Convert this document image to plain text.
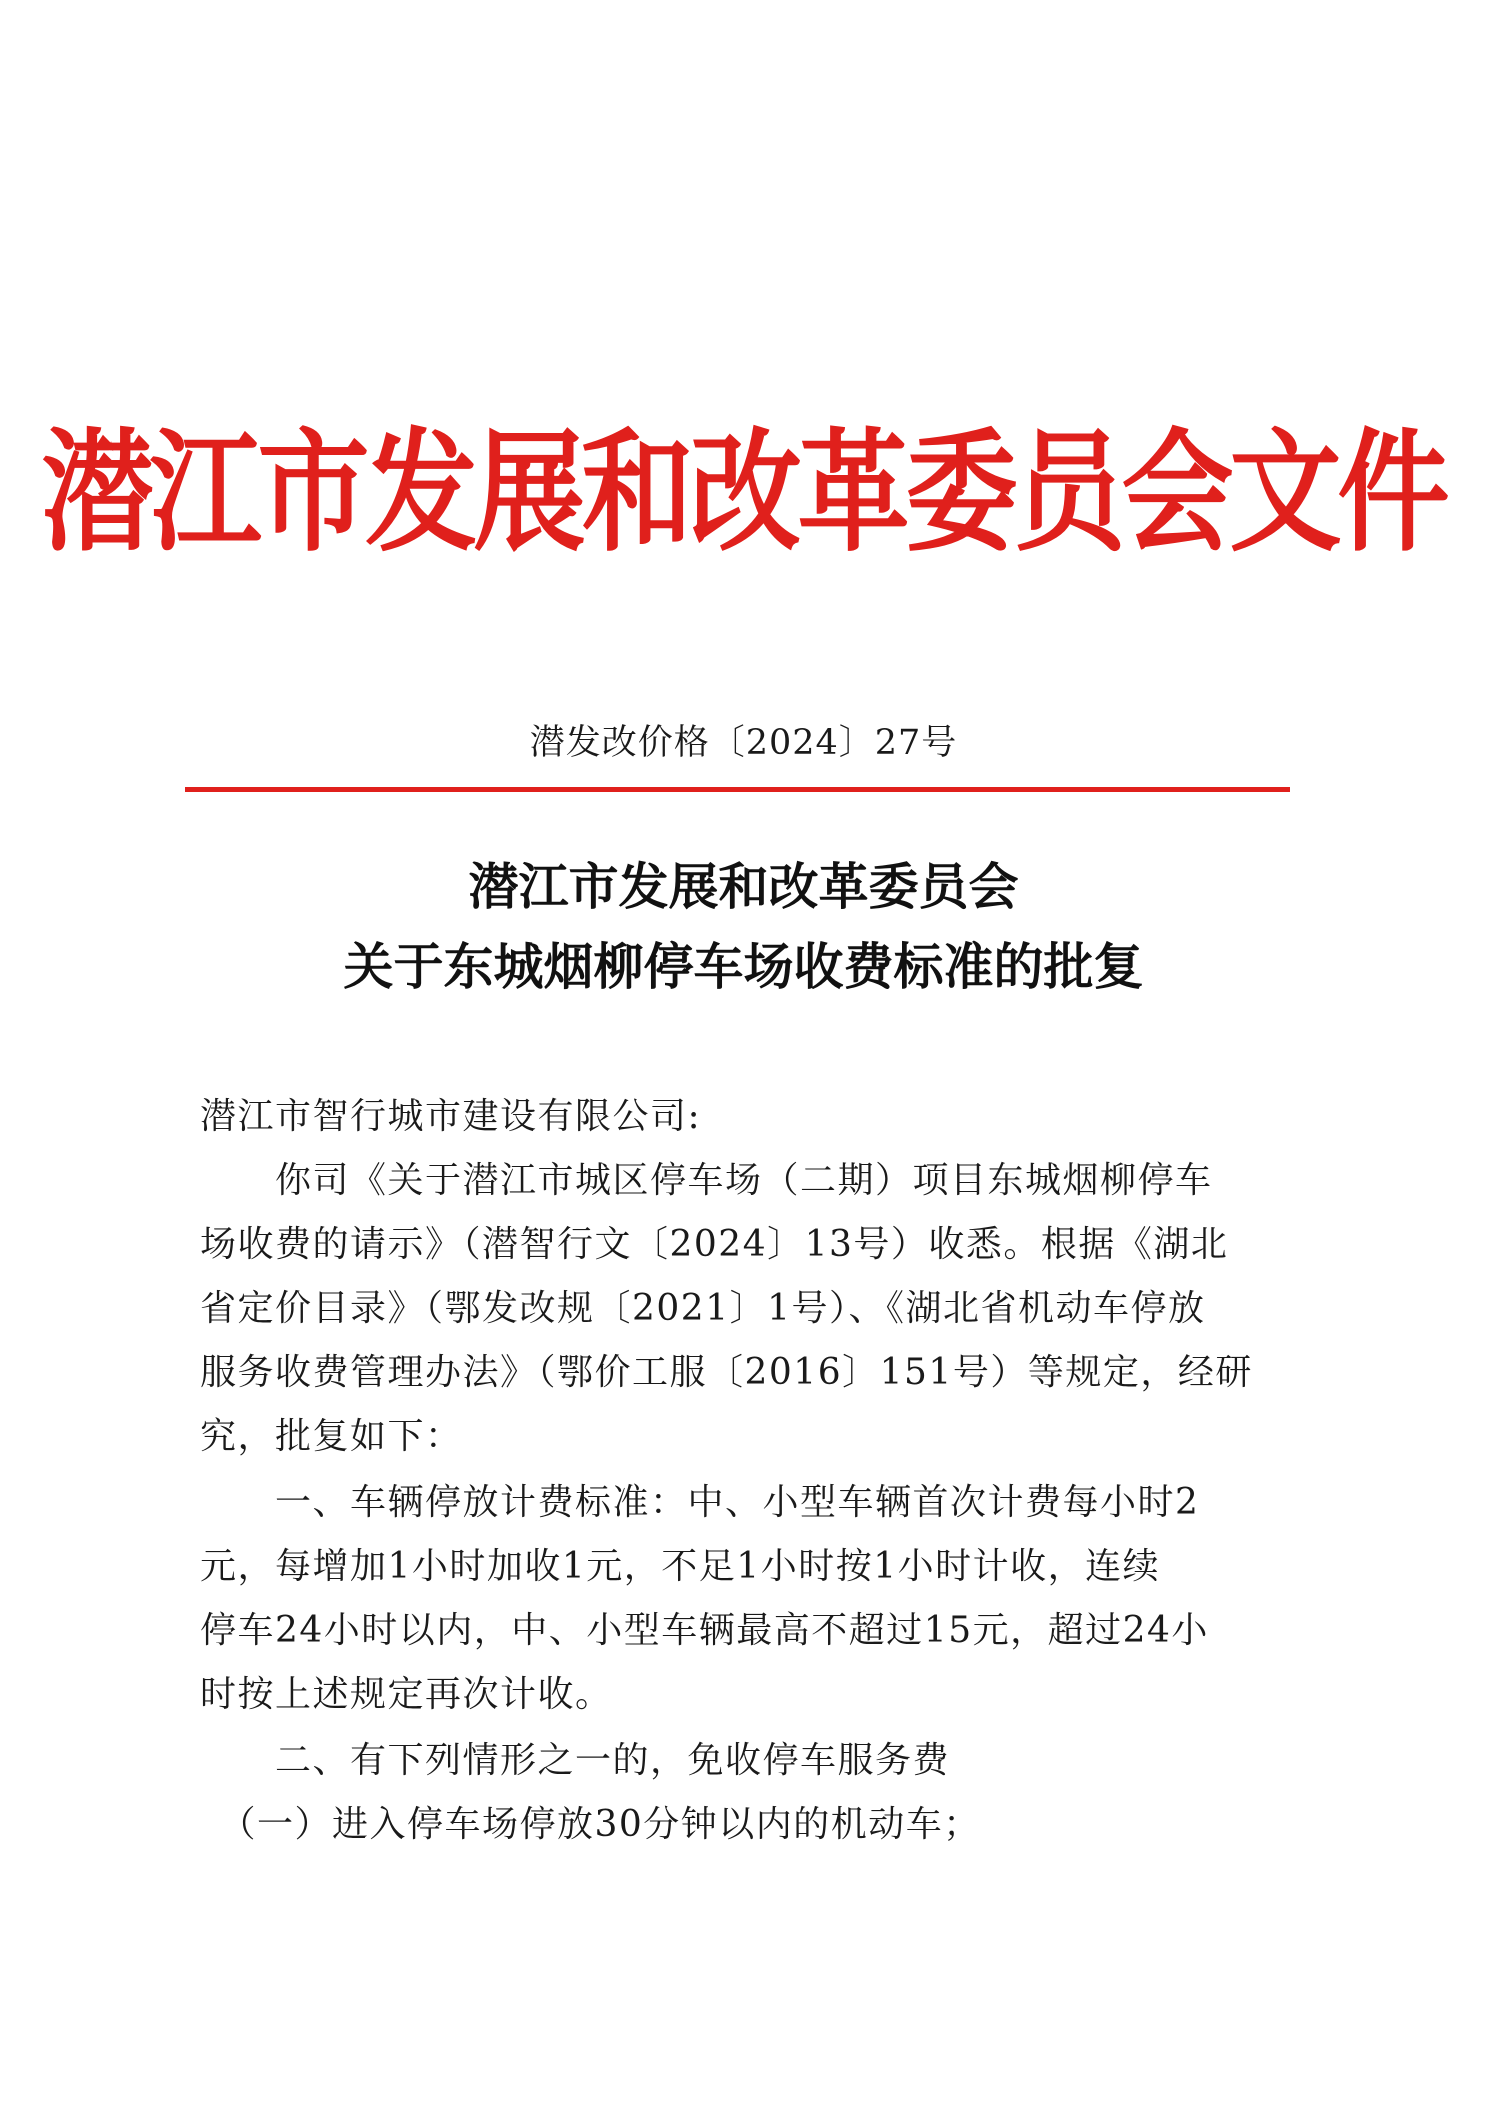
潜江市发展和改革委员会文件
潜发改价格〔2024〕27号
潜江市发展和改革委员会
关于东城烟柳停车场收费标准的批复
潜江市智行城市建设有限公司:
　　你司《关于潜江市城区停车场（二期）项目东城烟柳停车
场收费的请示》（潜智行文〔2024〕13号）收悉。根据《湖北
省定价目录》（鄂发改规〔2021〕1号）、《湖北省机动车停放
服务收费管理办法》（鄂价工服〔2016〕151号）等规定，经研
究，批复如下：
　　一、车辆停放计费标准：中、小型车辆首次计费每小时2
元，每增加1小时加收1元，不足1小时按1小时计收，连续
停车24小时以内，中、小型车辆最高不超过15元，超过24小
时按上述规定再次计收。
　　二、有下列情形之一的，免收停车服务费
　（一）进入停车场停放30分钟以内的机动车；
